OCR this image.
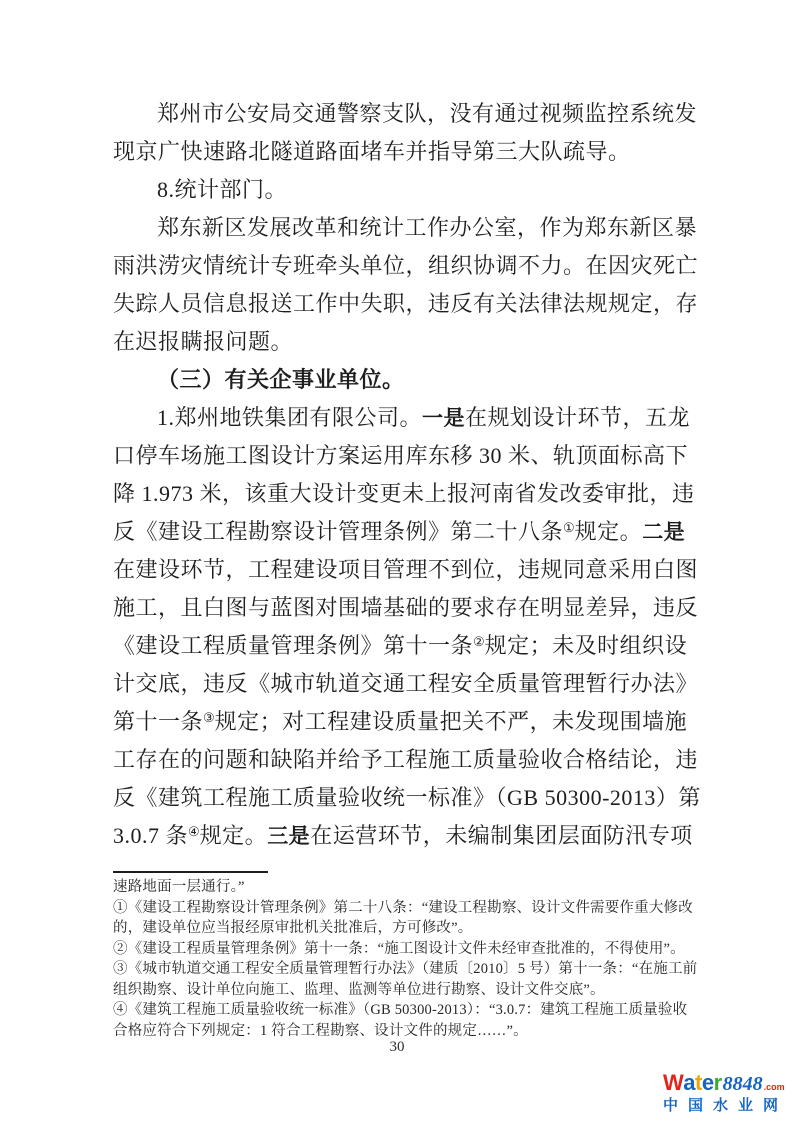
郑州市公安局交通警察支队，没有通过视频监控系统发
现京广快速路北隧道路面堵车并指导第三大队疏导。
8.统计部门。
郑东新区发展改革和统计工作办公室，作为郑东新区暴
雨洪涝灾情统计专班牵头单位，组织协调不力。在因灾死亡
失踪人员信息报送工作中失职，违反有关法律法规规定，存
在迟报瞒报问题。
（三）有关企事业单位。
1.郑州地铁集团有限公司。一是在规划设计环节，五龙
口停车场施工图设计方案运用库东移 30 米、轨顶面标高下
降 1.973 米，该重大设计变更未上报河南省发改委审批，违
反《建设工程勘察设计管理条例》第二十八条①规定。二是
在建设环节，工程建设项目管理不到位，违规同意采用白图
施工，且白图与蓝图对围墙基础的要求存在明显差异，违反
《建设工程质量管理条例》第十一条②规定；未及时组织设
计交底，违反《城市轨道交通工程安全质量管理暂行办法》
第十一条③规定；对工程建设质量把关不严，未发现围墙施
工存在的问题和缺陷并给予工程施工质量验收合格结论，违
反《建筑工程施工质量验收统一标准》（GB 50300-2013）第
3.0.7 条④规定。三是在运营环节，未编制集团层面防汛专项
速路地面一层通行。”
①《建设工程勘察设计管理条例》第二十八条：“建设工程勘察、设计文件需要作重大修改
的，建设单位应当报经原审批机关批准后，方可修改”。
②《建设工程质量管理条例》第十一条：“施工图设计文件未经审查批准的，不得使用”。
③《城市轨道交通工程安全质量管理暂行办法》（建质〔2010〕5 号）第十一条：“在施工前
组织勘察、设计单位向施工、监理、监测等单位进行勘察、设计文件交底”。
④《建筑工程施工质量验收统一标准》（GB 50300-2013）：“3.0.7：建筑工程施工质量验收
合格应符合下列规定：1 符合工程勘察、设计文件的规定……”。
30
W a t e r 8848 .com
中国水业网
